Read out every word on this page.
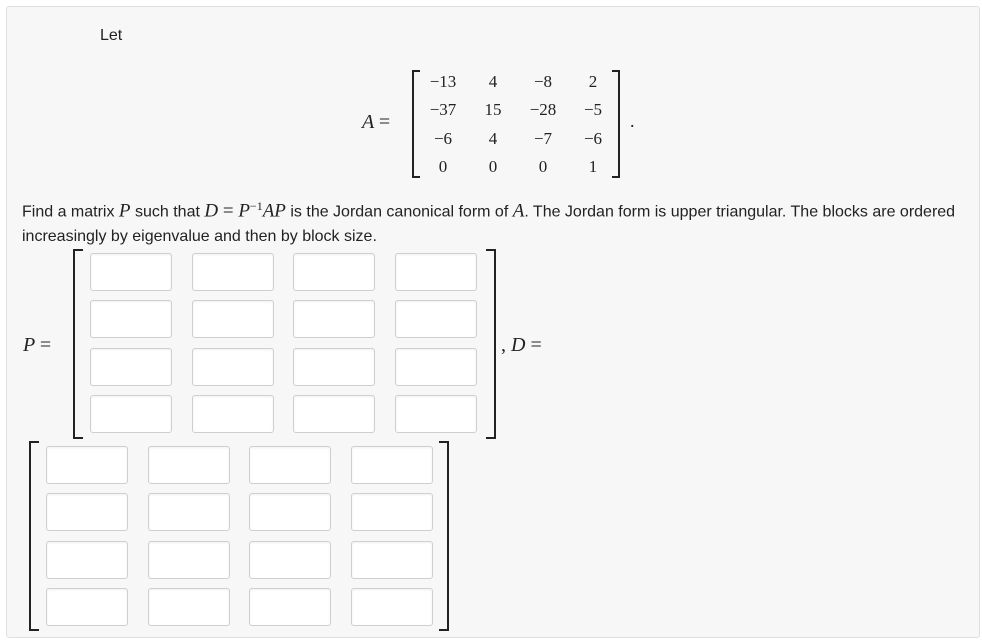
Let
A =
−13	4	−8	2
−37	15	−28	−5
−6	4	−7	−6
0	0	0	1
.
Find a matrix P such that $D = P^{-1}AP$ is the Jordan canonical form of A. The Jordan form is upper triangular. The blocks are ordered increasingly by eigenvalue and then by block size.
P =	, D =
